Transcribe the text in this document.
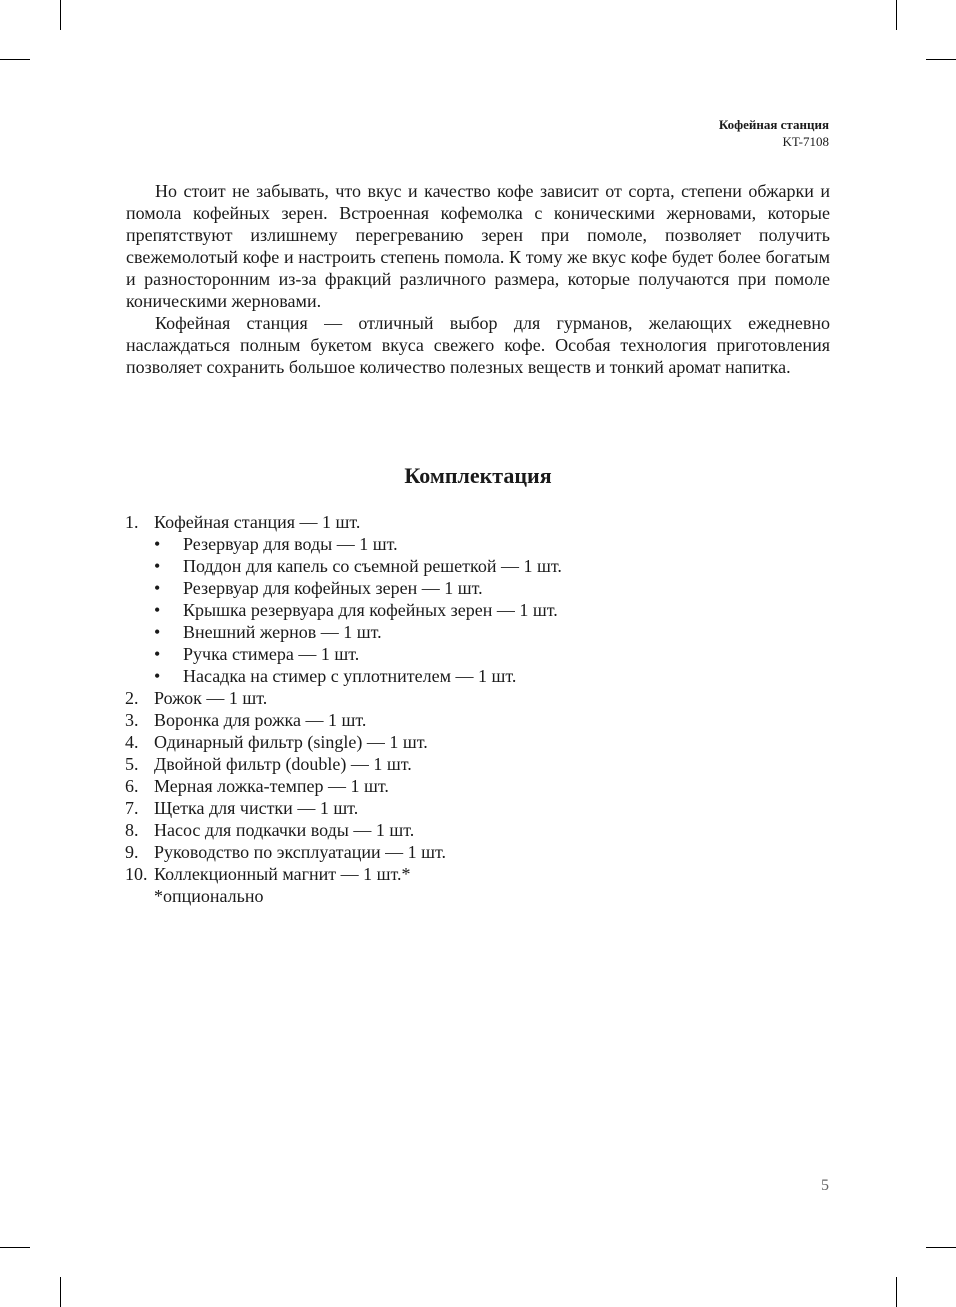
Кофейная станция
KT-7108

Но стоит не забывать, что вкус и качество кофе зависит от сорта, степени обжарки и помола кофейных зерен. Встроенная кофемолка с коническими жерновами, которые препятствуют излишнему перегреванию зерен при помоле, позволяет получить свежемолотый кофе и настроить степень помола. К тому же вкус кофе будет более богатым и разносторонним из-за фракций различного размера, которые получаются при помоле коническими жерновами.

Кофейная станция — отличный выбор для гурманов, желающих ежедневно наслаждаться полным букетом вкуса свежего кофе. Особая технология приготовления позволяет сохранить большое количество полезных веществ и тонкий аромат напитка.

Комплектация
1. Кофейная станция — 1 шт.
• Резервуар для воды — 1 шт.
• Поддон для капель со съемной решеткой — 1 шт.
• Резервуар для кофейных зерен — 1 шт.
• Крышка резервуара для кофейных зерен — 1 шт.
• Внешний жернов — 1 шт.
• Ручка стимера — 1 шт.
• Насадка на стимер с уплотнителем — 1 шт.
2. Рожок — 1 шт.
3. Воронка для рожка — 1 шт.
4. Одинарный фильтр (single) — 1 шт.
5. Двойной фильтр (double) — 1 шт.
6. Мерная ложка-темпер — 1 шт.
7. Щетка для чистки — 1 шт.
8. Насос для подкачки воды — 1 шт.
9. Руководство по эксплуатации — 1 шт.
10. Коллекционный магнит — 1 шт.*
*опционально
5
